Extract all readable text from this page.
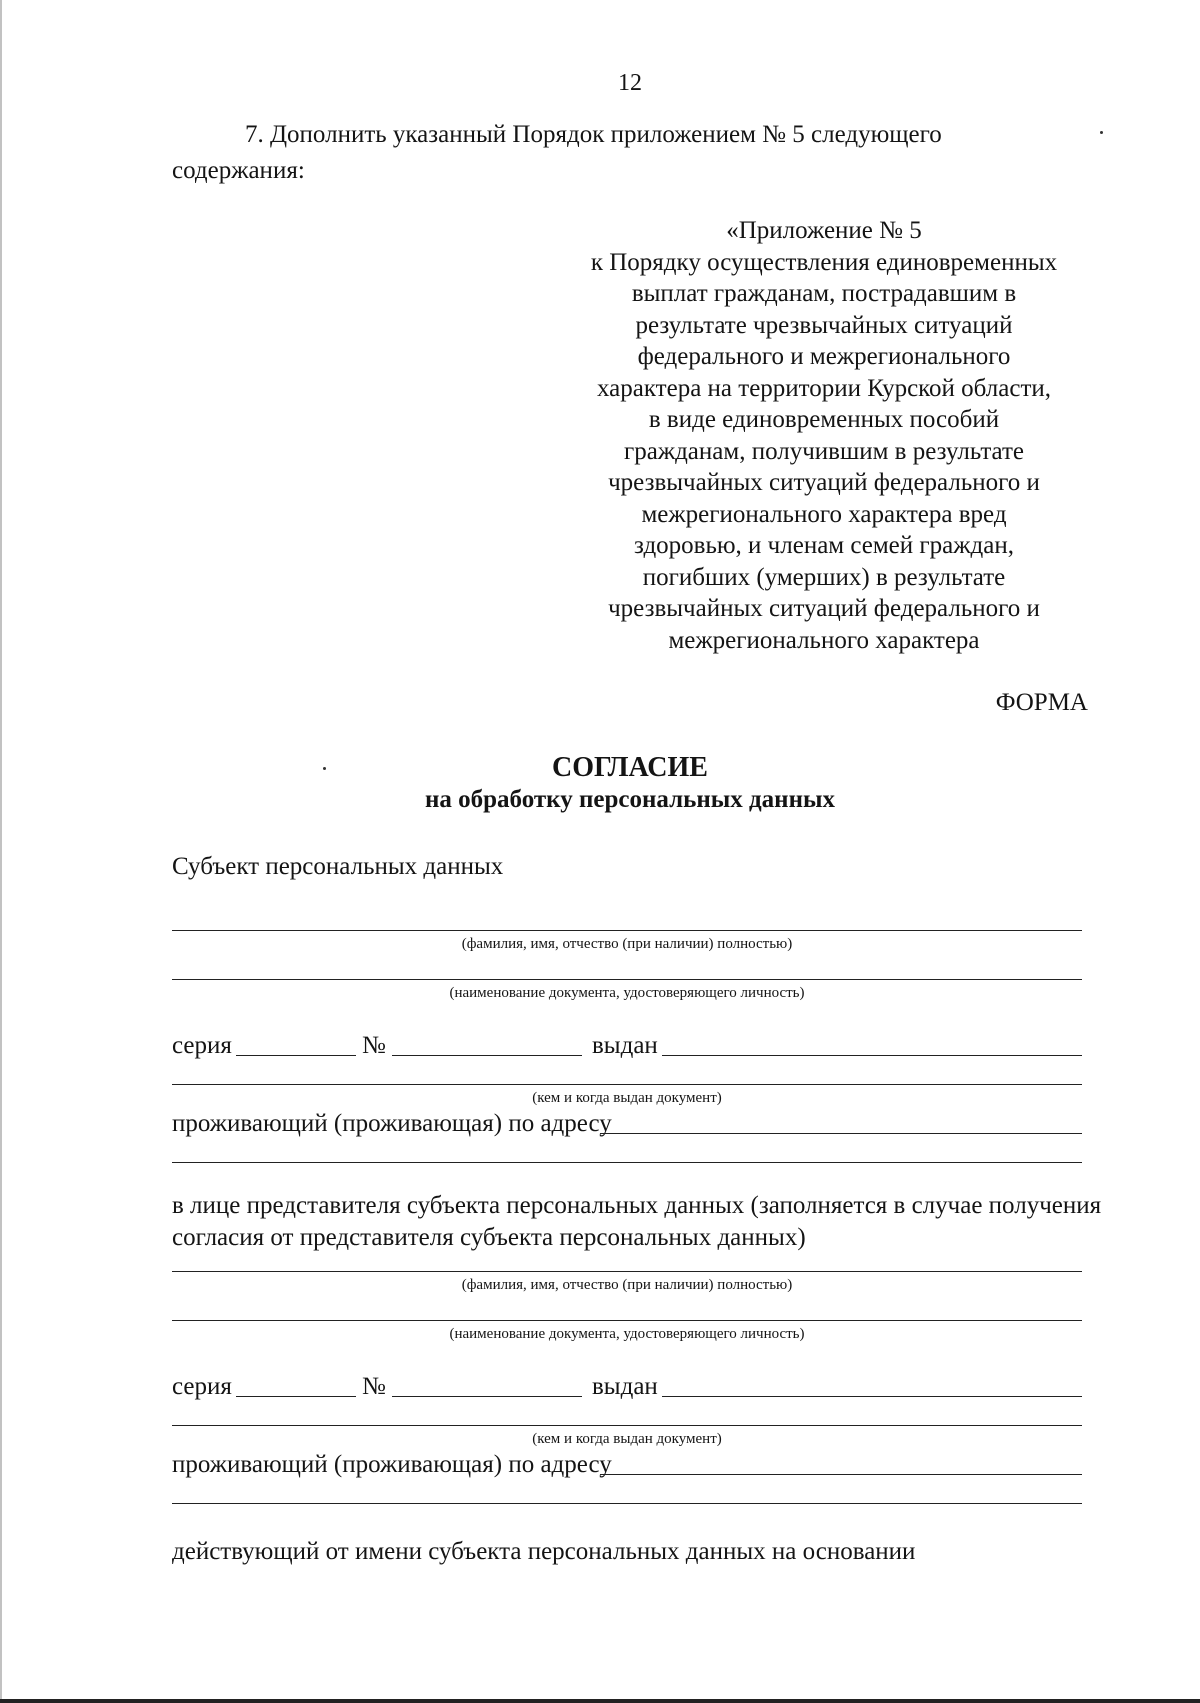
12
7. Дополнить указанный Порядок приложением № 5 следующего
содержания:
«Приложение № 5
к Порядку осуществления единовременных
выплат гражданам, пострадавшим в
результате чрезвычайных ситуаций
федерального и межрегионального
характера на территории Курской области,
в виде единовременных пособий
гражданам, получившим в результате
чрезвычайных ситуаций федерального и
межрегионального характера вред
здоровью, и членам семей граждан,
погибших (умерших) в результате
чрезвычайных ситуаций федерального и
межрегионального характера
ФОРМА
СОГЛАСИЕ
на обработку персональных данных
Субъект персональных данных
(фамилия, имя, отчество (при наличии) полностью)
(наименование документа, удостоверяющего личность)
серия	№	выдан
(кем и когда выдан документ)
проживающий (проживающая) по адресу
в лице представителя субъекта персональных данных (заполняется в случае получения
согласия от представителя субъекта персональных данных)
(фамилия, имя, отчество (при наличии) полностью)
(наименование документа, удостоверяющего личность)
серия	№	выдан
(кем и когда выдан документ)
проживающий (проживающая) по адресу
действующий от имени субъекта персональных данных на основании
